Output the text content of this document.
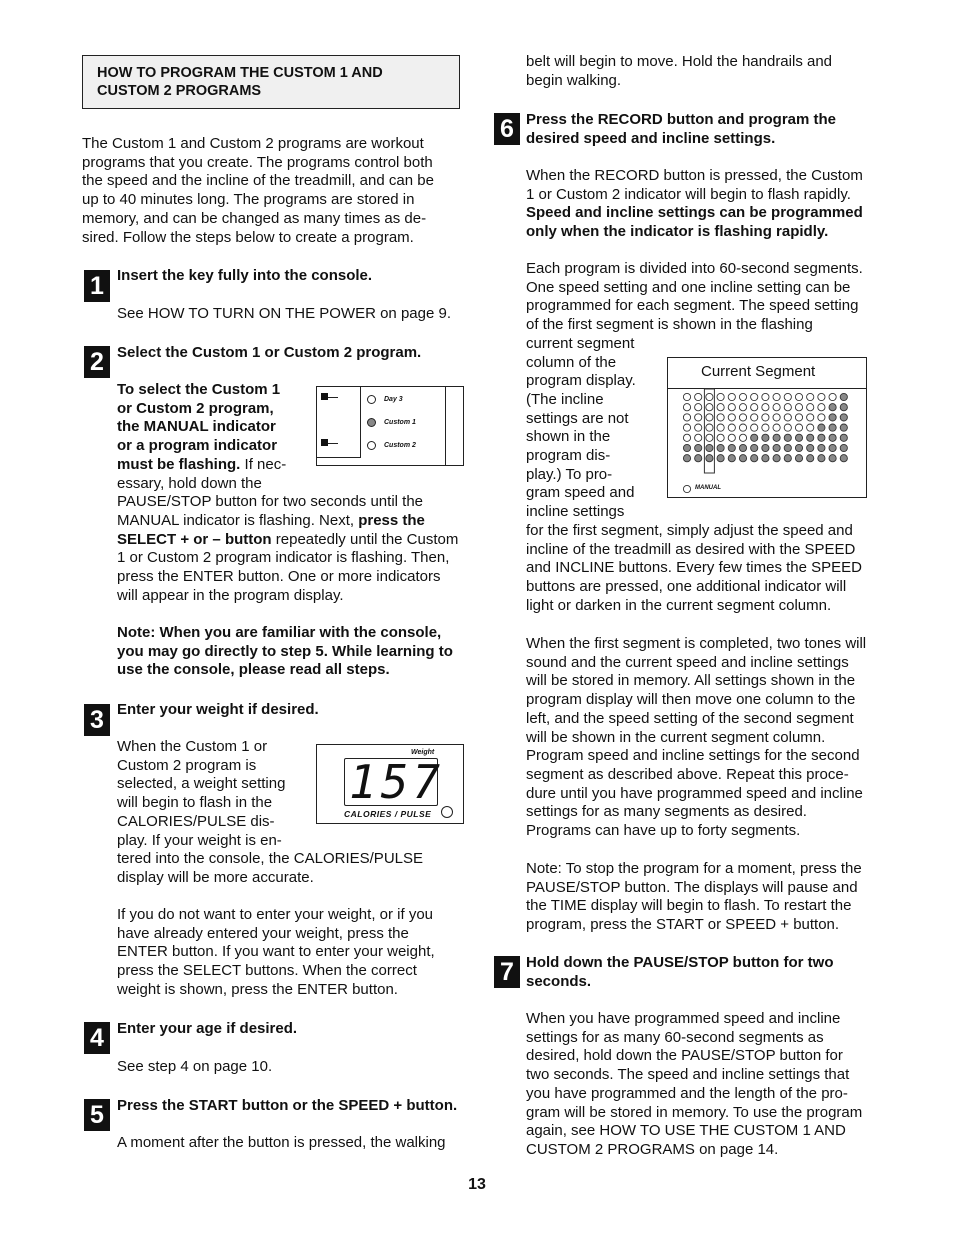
HOW TO PROGRAM THE CUSTOM 1 AND

CUSTOM 2 PROGRAMS

The Custom 1 and Custom 2 programs are workout

programs that you create. The programs control both

the speed and the incline of the treadmill, and can be

up to 40 minutes long. The programs are stored in

memory, and can be changed as many times as de-

sired. Follow the steps below to create a program.

1 Insert the key fully into the console.

See HOW TO TURN ON THE POWER on page 9.

2 Select the Custom 1 or Custom 2 program.

To select the Custom 1

or Custom 2 program,

the MANUAL indicator

or a program indicator

must be flashing. If nec-

essary, hold down the

PAUSE/STOP button for two seconds until the

MANUAL indicator is flashing. Next, press the

SELECT + or – button repeatedly until the Custom

1 or Custom 2 program indicator is flashing. Then,

press the ENTER button. One or more indicators

will appear in the program display.

Note: When you are familiar with the console,

you may go directly to step 5. While learning to

use the console, please read all steps.

Day 3
Custom 1
Custom 2
3 Enter your weight if desired.

When the Custom 1 or

Custom 2 program is

selected, a weight setting

will begin to flash in the

CALORIES/PULSE dis-

play. If your weight is en-

tered into the console, the CALORIES/PULSE

display will be more accurate.

If you do not want to enter your weight, or if you

have already entered your weight, press the

ENTER button. If you want to enter your weight,

press the SELECT buttons. When the correct

weight is shown, press the ENTER button.

Weight
157
CALORIES / PULSE
4 Enter your age if desired.

See step 4 on page 10.

5 Press the START button or the SPEED + button.

A moment after the button is pressed, the walking

belt will begin to move. Hold the handrails and

begin walking.

6 Press the RECORD button and program the

desired speed and incline settings.

When the RECORD button is pressed, the Custom

1 or Custom 2 indicator will begin to flash rapidly.

Speed and incline settings can be programmed

only when the indicator is flashing rapidly.

Each program is divided into 60-second segments.

One speed setting and one incline setting can be

programmed for each segment. The speed setting

of the first segment is shown in the flashing

current segment

column of the

program display.

(The incline

settings are not

shown in the

program dis-

play.) To pro-

gram speed and

incline settings

for the first segment, simply adjust the speed and

incline of the treadmill as desired with the SPEED

and INCLINE buttons. Every few times the SPEED

buttons are pressed, one additional indicator will

light or darken in the current segment column.

Current Segment
MANUAL

When the first segment is completed, two tones will

sound and the current speed and incline settings

will be stored in memory. All settings shown in the

program display will then move one column to the

left, and the speed setting of the second segment

will be shown in the current segment column.

Program speed and incline settings for the second

segment as described above. Repeat this proce-

dure until you have programmed speed and incline

settings for as many segments as desired.

Programs can have up to forty segments.

Note: To stop the program for a moment, press the

PAUSE/STOP button. The displays will pause and

the TIME display will begin to flash. To restart the

program, press the START or SPEED + button.

7 Hold down the PAUSE/STOP button for two

seconds.

When you have programmed speed and incline

settings for as many 60-second segments as

desired, hold down the PAUSE/STOP button for

two seconds. The speed and incline settings that

you have programmed and the length of the pro-

gram will be stored in memory. To use the program

again, see HOW TO USE THE CUSTOM 1 AND

CUSTOM 2 PROGRAMS on page 14.

13
